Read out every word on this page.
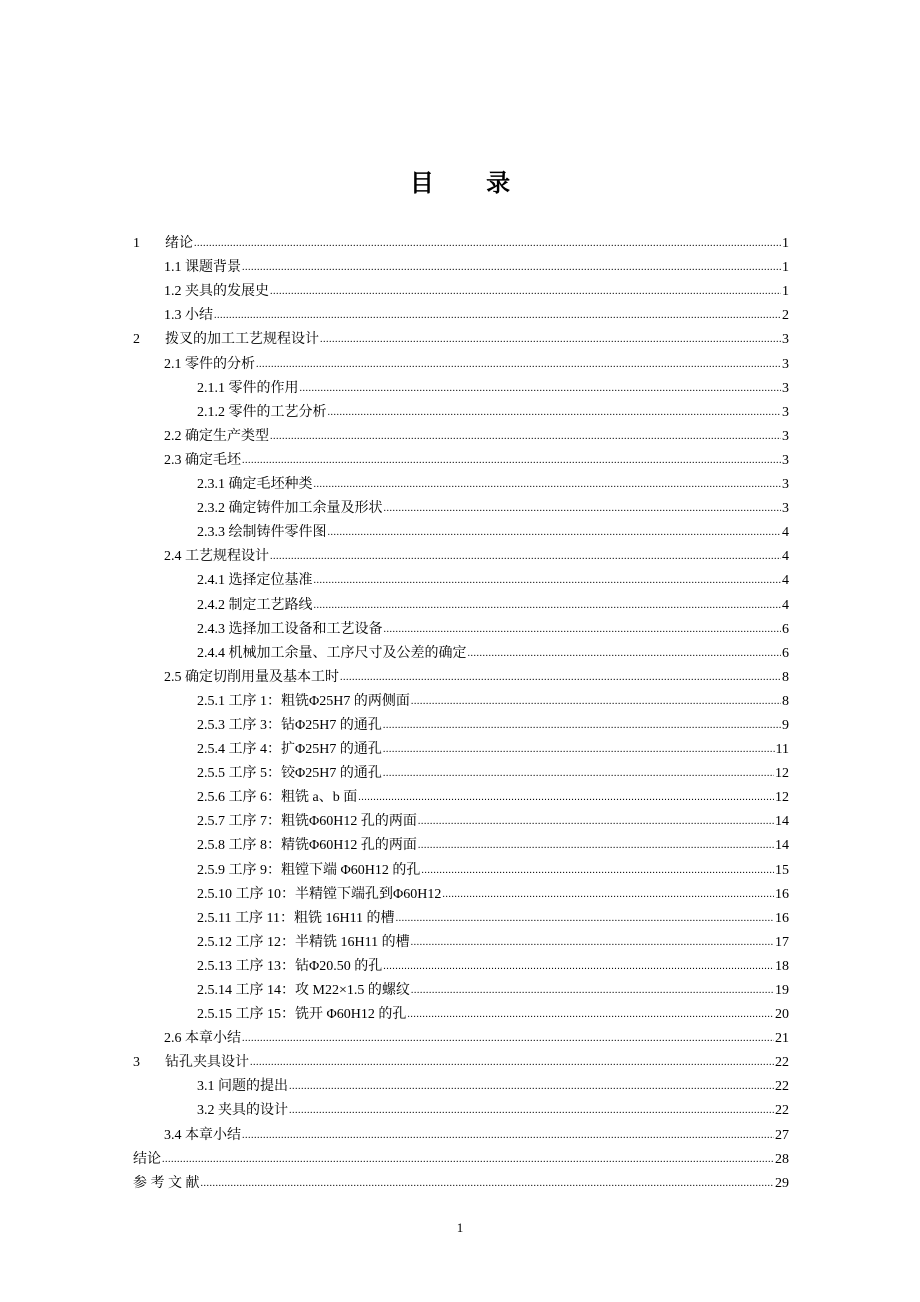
目 录
1	绪论 .....	1
1.1 课题背景 .....	1
1.2 夹具的发展史 .....	1
1.3 小结 .....	2
2	拨叉的加工工艺规程设计 .....	3
2.1 零件的分析 .....	3
2.1.1 零件的作用 .....	3
2.1.2 零件的工艺分析 .....	3
2.2 确定生产类型 .....	3
2.3 确定毛坯 .....	3
2.3.1 确定毛坯种类 .....	3
2.3.2 确定铸件加工余量及形状 .....	3
2.3.3 绘制铸件零件图 .....	4
2.4 工艺规程设计 .....	4
2.4.1 选择定位基准 .....	4
2.4.2 制定工艺路线 .....	4
2.4.3 选择加工设备和工艺设备 .....	6
2.4.4 机械加工余量、工序尺寸及公差的确定 .....	6
2.5 确定切削用量及基本工时 .....	8
2.5.1 工序 1：粗铣Φ25H7 的两侧面 .....	8
2.5.3 工序 3：钻Φ25H7 的通孔 .....	9
2.5.4 工序 4：扩Φ25H7 的通孔 .....	11
2.5.5 工序 5：铰Φ25H7 的通孔 .....	12
2.5.6 工序 6：粗铣 a、b 面 .....	12
2.5.7 工序 7：粗铣Φ60H12 孔的两面 .....	14
2.5.8 工序 8：精铣Φ60H12 孔的两面 .....	14
2.5.9 工序 9：粗镗下端 Φ60H12 的孔 .....	15
2.5.10 工序 10：半精镗下端孔到Φ60H12 .....	16
2.5.11 工序 11：粗铣 16H11 的槽 .....	16
2.5.12 工序 12：半精铣 16H11 的槽 .....	17
2.5.13 工序 13：钻Φ20.50 的孔 .....	18
2.5.14 工序 14：攻 M22×1.5 的螺纹 .....	19
2.5.15 工序 15：铣开 Φ60H12 的孔 .....	20
2.6 本章小结 .....	21
3	钻孔夹具设计 .....	22
3.1 问题的提出 .....	22
3.2 夹具的设计 .....	22
3.4 本章小结 .....	27
结论 .....	28
参 考 文 献 .....	29
1
